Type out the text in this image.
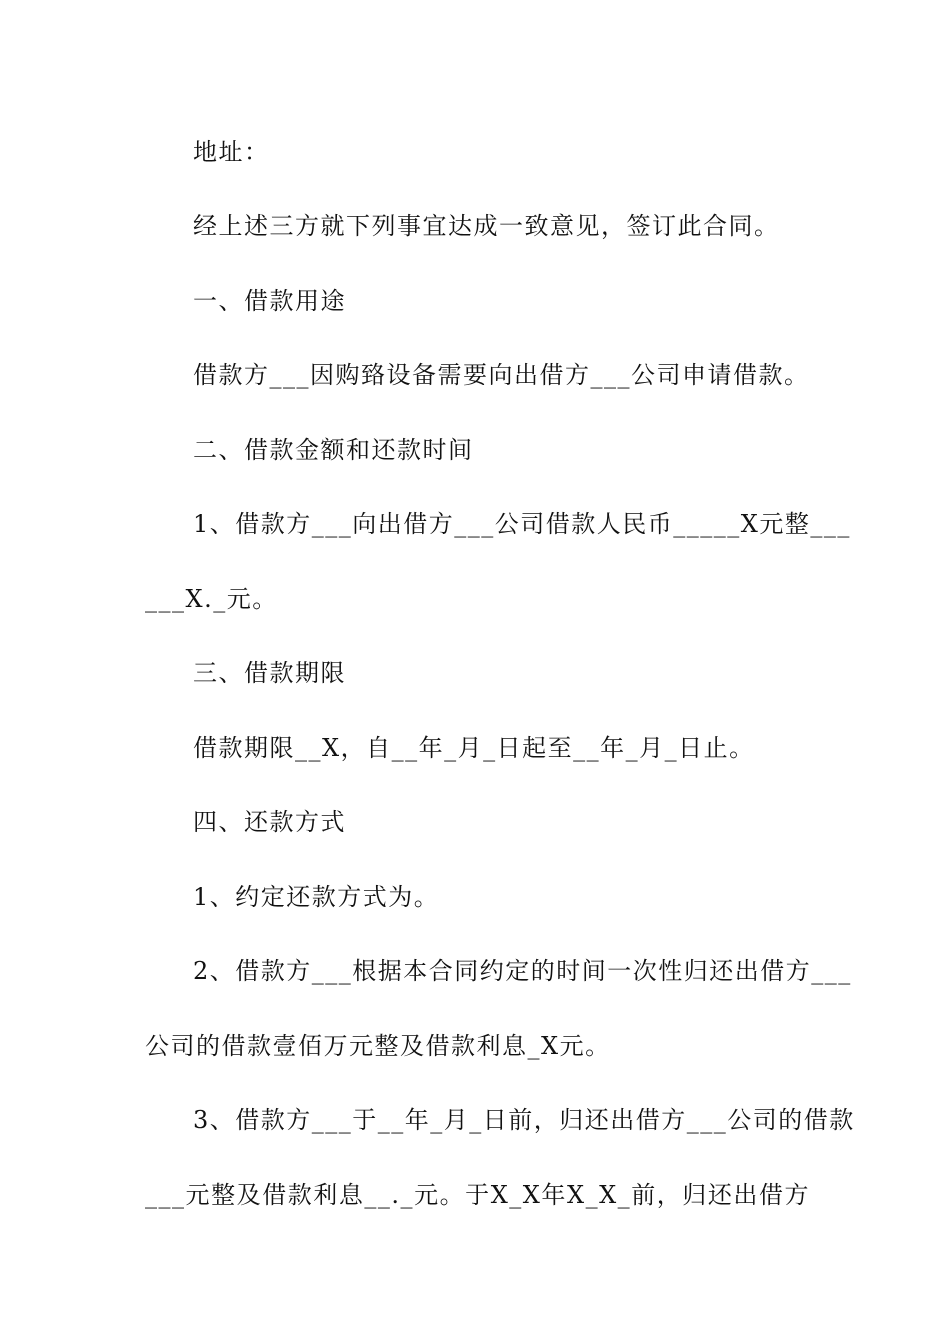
地址：
经上述三方就下列事宜达成一致意见，签订此合同。
一、借款用途
借款方___因购臵设备需要向出借方___公司申请借款。
二、借款金额和还款时间
1、借款方___向出借方___公司借款人民币_____X元整___
___X._元。
三、借款期限
借款期限__X，自__年_月_日起至__年_月_日止。
四、还款方式
1、约定还款方式为。
2、借款方___根据本合同约定的时间一次性归还出借方___
公司的借款壹佰万元整及借款利息_X元。
3、借款方___于__年_月_日前，归还出借方___公司的借款
___元整及借款利息__._元。于X_X年X_X_前，归还出借方
